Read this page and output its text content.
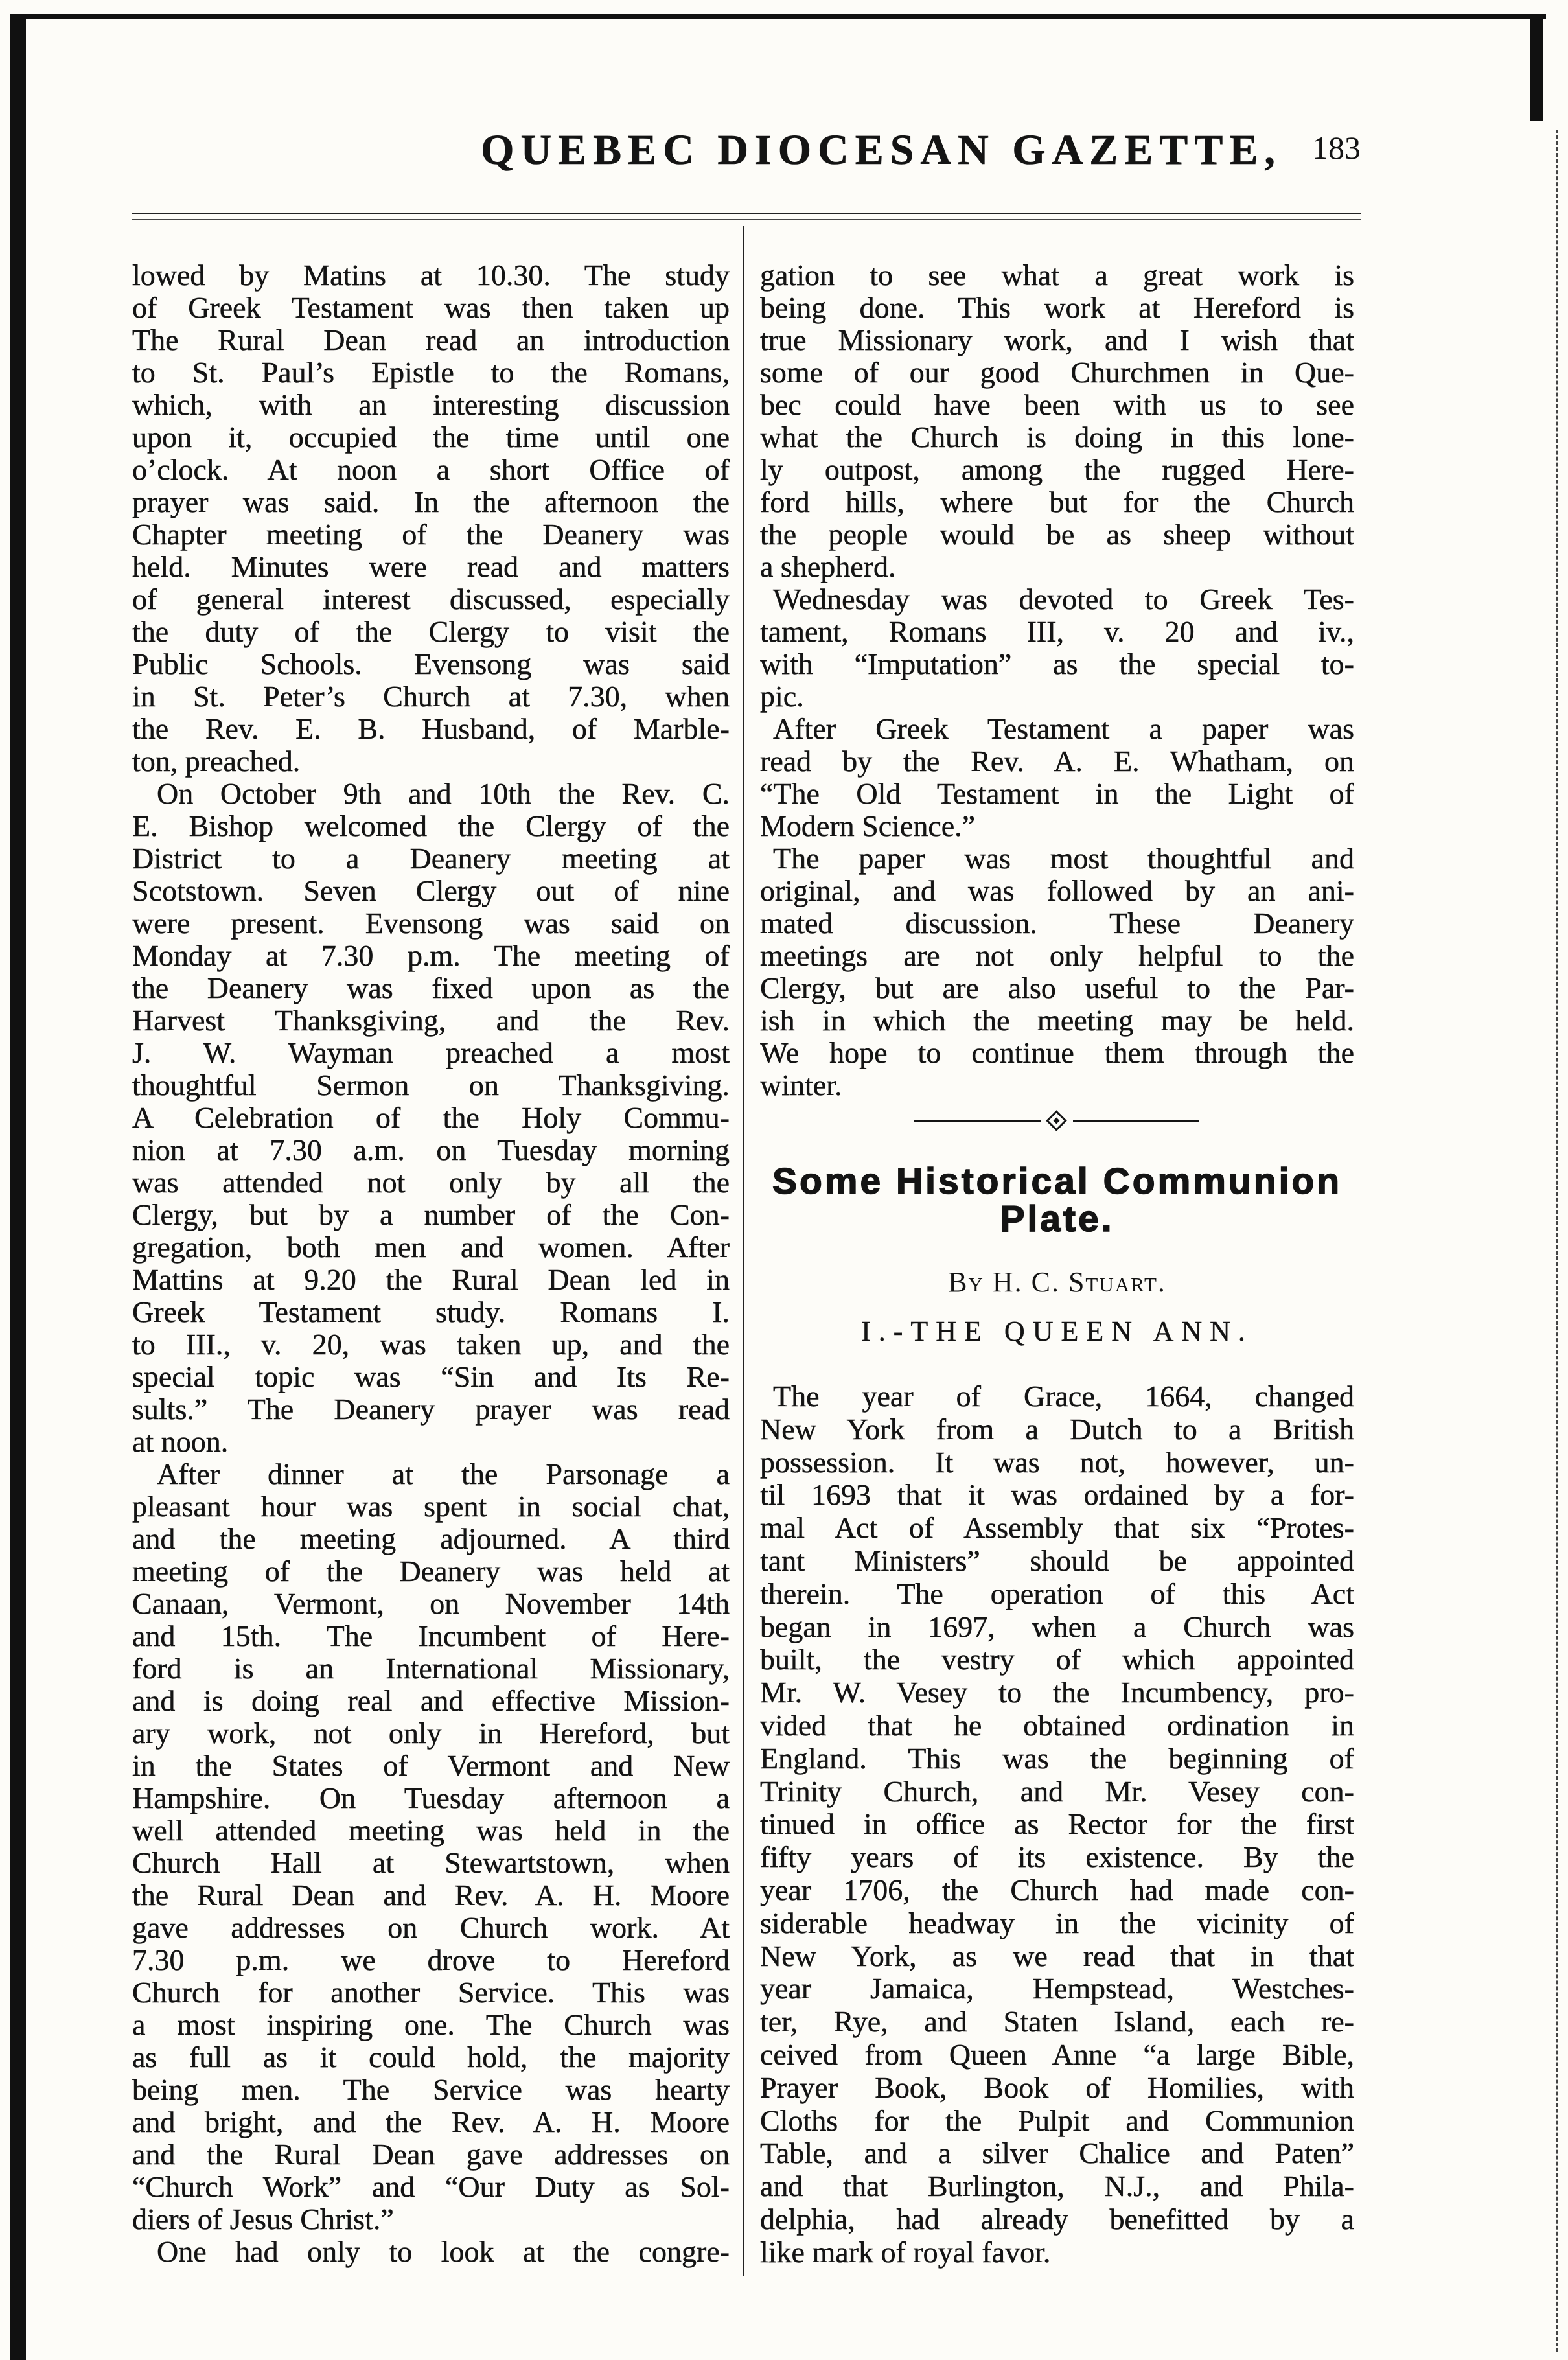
QUEBEC DIOCESAN GAZETTE, 183
lowed by Matins at 10.30. The study
of Greek Testament was then taken up
The Rural Dean read an introduction
to St. Paul’s Epistle to the Romans,
which, with an interesting discussion
upon it, occupied the time until one
o’clock. At noon a short Office of
prayer was said. In the afternoon the
Chapter meeting of the Deanery was
held. Minutes were read and matters
of general interest discussed, especially
the duty of the Clergy to visit the
Public Schools. Evensong was said
in St. Peter’s Church at 7.30, when
the Rev. E. B. Husband, of Marble-
ton, preached.
On October 9th and 10th the Rev. C.
E. Bishop welcomed the Clergy of the
District to a Deanery meeting at
Scotstown. Seven Clergy out of nine
were present. Evensong was said on
Monday at 7.30 p.m. The meeting of
the Deanery was fixed upon as the
Harvest Thanksgiving, and the Rev.
J. W. Wayman preached a most
thoughtful Sermon on Thanksgiving.
A Celebration of the Holy Commu-
nion at 7.30 a.m. on Tuesday morning
was attended not only by all the
Clergy, but by a number of the Con-
gregation, both men and women. After
Mattins at 9.20 the Rural Dean led in
Greek Testament study. Romans I.
to III., v. 20, was taken up, and the
special topic was “Sin and Its Re-
sults.” The Deanery prayer was read
at noon.
After dinner at the Parsonage a
pleasant hour was spent in social chat,
and the meeting adjourned. A third
meeting of the Deanery was held at
Canaan, Vermont, on November 14th
and 15th. The Incumbent of Here-
ford is an International Missionary,
and is doing real and effective Mission-
ary work, not only in Hereford, but
in the States of Vermont and New
Hampshire. On Tuesday afternoon a
well attended meeting was held in the
Church Hall at Stewartstown, when
the Rural Dean and Rev. A. H. Moore
gave addresses on Church work. At
7.30 p.m. we drove to Hereford
Church for another Service. This was
a most inspiring one. The Church was
as full as it could hold, the majority
being men. The Service was hearty
and bright, and the Rev. A. H. Moore
and the Rural Dean gave addresses on
“Church Work” and “Our Duty as Sol-
diers of Jesus Christ.”
One had only to look at the congre-
gation to see what a great work is
being done. This work at Hereford is
true Missionary work, and I wish that
some of our good Churchmen in Que-
bec could have been with us to see
what the Church is doing in this lone-
ly outpost, among the rugged Here-
ford hills, where but for the Church
the people would be as sheep without
a shepherd.
Wednesday was devoted to Greek Tes-
tament, Romans III, v. 20 and iv.,
with “Imputation” as the special to-
pic.
After Greek Testament a paper was
read by the Rev. A. E. Whatham, on
“The Old Testament in the Light of
Modern Science.”
The paper was most thoughtful and
original, and was followed by an ani-
mated discussion. These Deanery
meetings are not only helpful to the
Clergy, but are also useful to the Par-
ish in which the meeting may be held.
We hope to continue them through the
winter.
Some Historical Communion
Plate.
By H. C. Stuart.
I.-THE QUEEN ANN.
The year of Grace, 1664, changed
New York from a Dutch to a British
possession. It was not, however, un-
til 1693 that it was ordained by a for-
mal Act of Assembly that six “Protes-
tant Ministers” should be appointed
therein. The operation of this Act
began in 1697, when a Church was
built, the vestry of which appointed
Mr. W. Vesey to the Incumbency, pro-
vided that he obtained ordination in
England. This was the beginning of
Trinity Church, and Mr. Vesey con-
tinued in office as Rector for the first
fifty years of its existence. By the
year 1706, the Church had made con-
siderable headway in the vicinity of
New York, as we read that in that
year Jamaica, Hempstead, Westches-
ter, Rye, and Staten Island, each re-
ceived from Queen Anne “a large Bible,
Prayer Book, Book of Homilies, with
Cloths for the Pulpit and Communion
Table, and a silver Chalice and Paten”
and that Burlington, N.J., and Phila-
delphia, had already benefitted by a
like mark of royal favor.
